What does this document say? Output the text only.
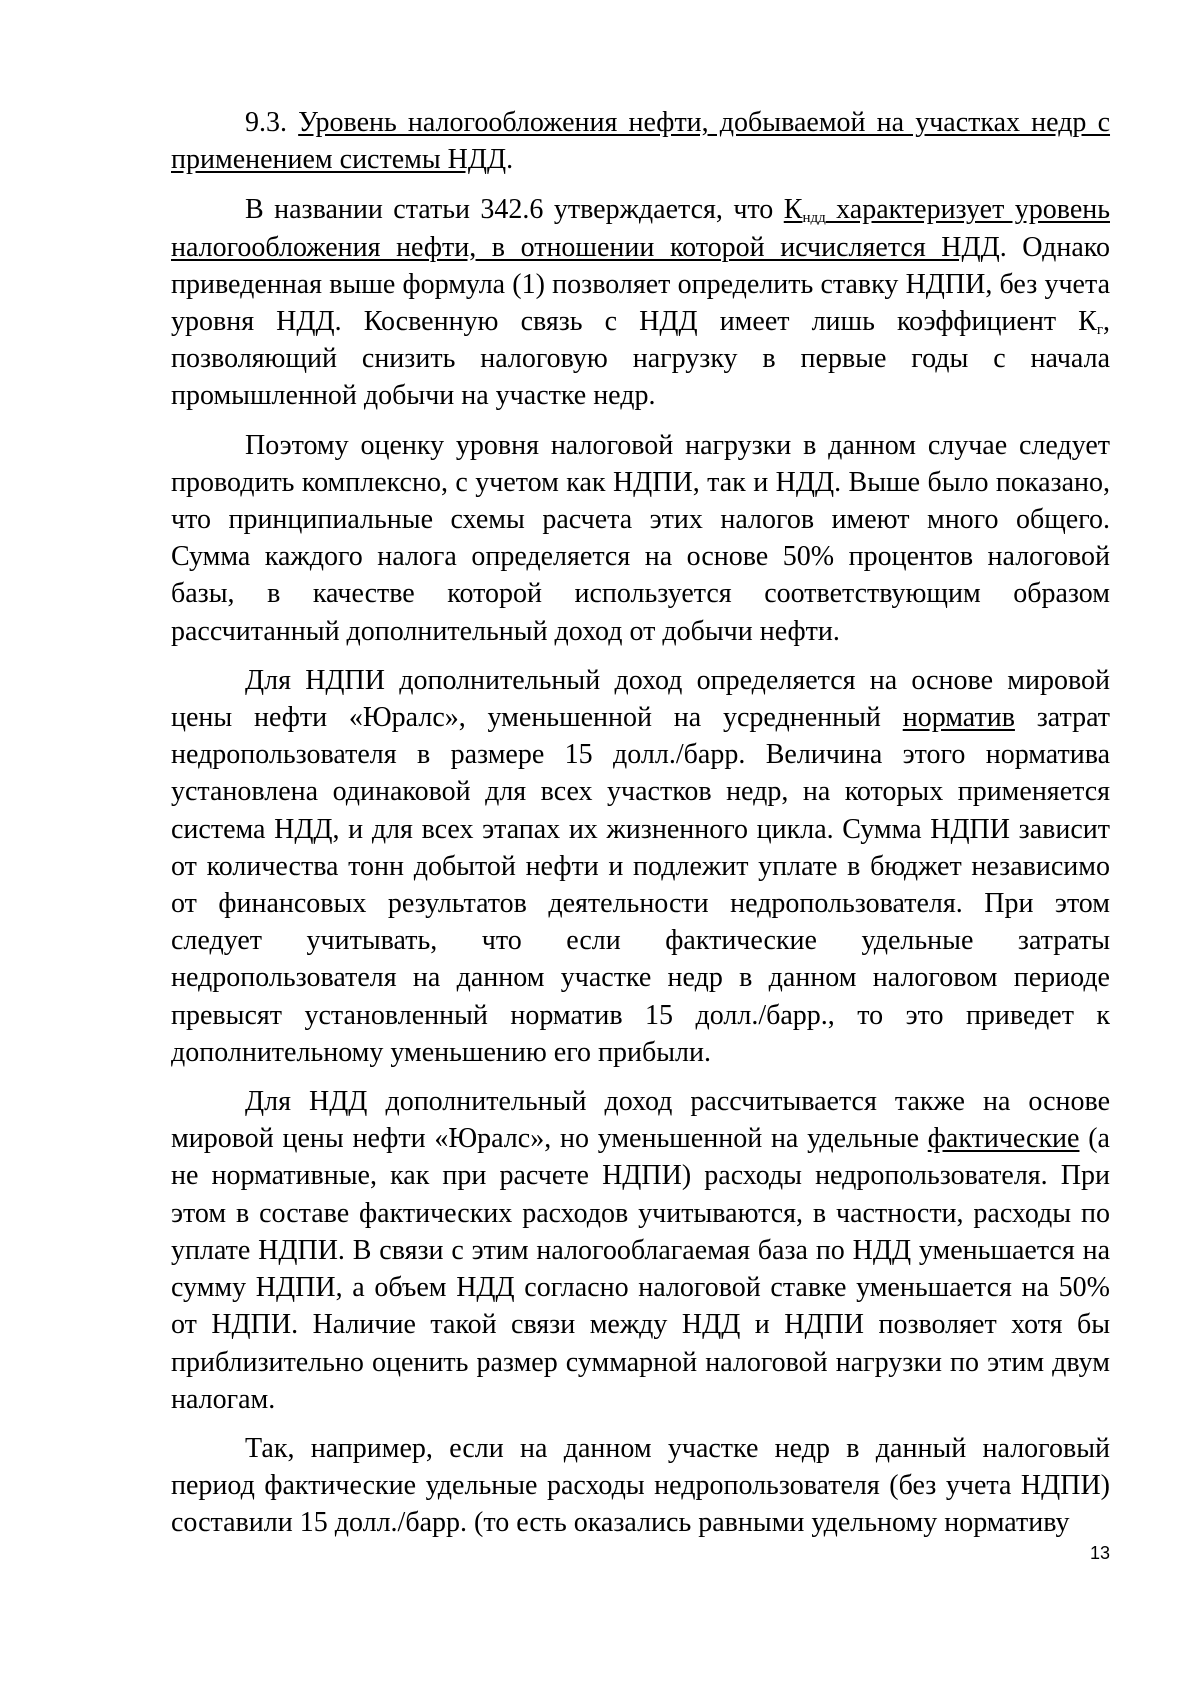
9.3. Уровень налогообложения нефти, добываемой на участках недр с применением системы НДД.

В названии статьи 342.6 утверждается, что $К_{ндд}$ характеризует уровень налогообложения нефти, в отношении которой исчисляется НДД. Однако приведенная выше формула (1) позволяет определить ставку НДПИ, без учета уровня НДД. Косвенную связь с НДД имеет лишь коэффициент $К_г$, позволяющий снизить налоговую нагрузку в первые годы с начала промышленной добычи на участке недр.

Поэтому оценку уровня налоговой нагрузки в данном случае следует проводить комплексно, с учетом как НДПИ, так и НДД. Выше было показано, что принципиальные схемы расчета этих налогов имеют много общего. Сумма каждого налога определяется на основе 50% процентов налоговой базы, в качестве которой используется соответствующим образом рассчитанный дополнительный доход от добычи нефти.

Для НДПИ дополнительный доход определяется на основе мировой цены нефти «Юралс», уменьшенной на усредненный норматив затрат недропользователя в размере 15 долл./барр. Величина этого норматива установлена одинаковой для всех участков недр, на которых применяется система НДД, и для всех этапах их жизненного цикла. Сумма НДПИ зависит от количества тонн добытой нефти и подлежит уплате в бюджет независимо от финансовых результатов деятельности недропользователя. При этом следует учитывать, что если фактические удельные затраты недропользователя на данном участке недр в данном налоговом периоде превысят установленный норматив 15 долл./барр., то это приведет к дополнительному уменьшению его прибыли.

Для НДД дополнительный доход рассчитывается также на основе мировой цены нефти «Юралс», но уменьшенной на удельные фактические (а не нормативные, как при расчете НДПИ) расходы недропользователя. При этом в составе фактических расходов учитываются, в частности, расходы по уплате НДПИ. В связи с этим налогооблагаемая база по НДД уменьшается на сумму НДПИ, а объем НДД согласно налоговой ставке уменьшается на 50% от НДПИ. Наличие такой связи между НДД и НДПИ позволяет хотя бы приблизительно оценить размер суммарной налоговой нагрузки по этим двум налогам.

Так, например, если на данном участке недр в данный налоговый период фактические удельные расходы недропользователя (без учета НДПИ) составили 15 долл./барр. (то есть оказались равными удельному нормативу

13
